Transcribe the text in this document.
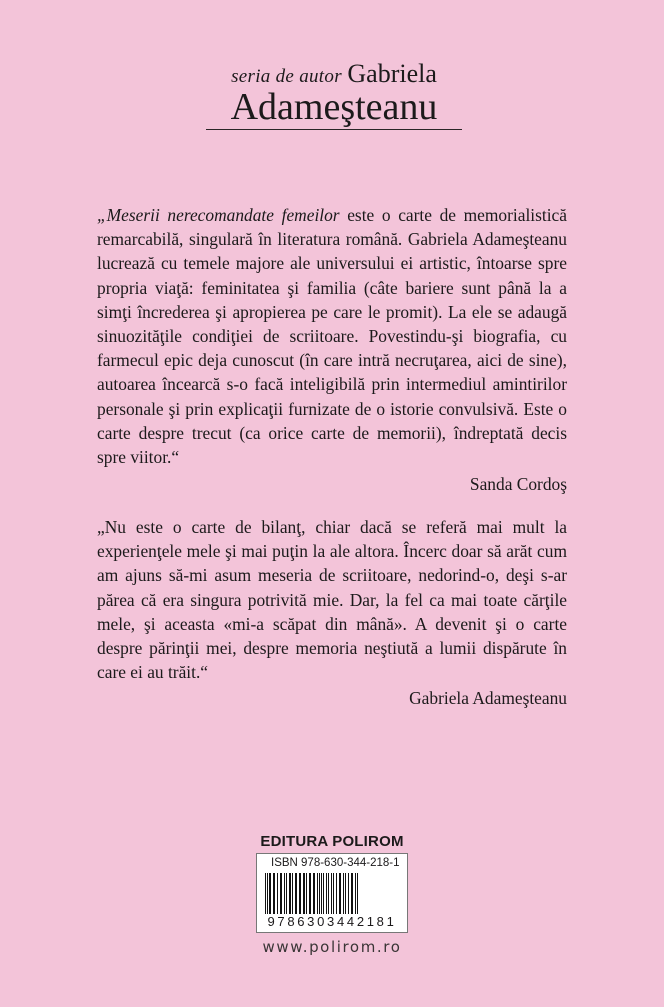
seria de autor Gabriela
Adameşteanu

„Meserii nerecomandate femeilor este o carte de memorialistică remarcabilă, singulară în literatura română. Gabriela Adameşteanu lucrează cu temele majore ale universului ei artistic, întoarse spre propria viaţă: feminitatea şi familia (câte bariere sunt până la a simţi încrederea şi apropierea pe care le promit). La ele se adaugă sinuozităţile condiţiei de scriitoare. Povestindu-şi biografia, cu farmecul epic deja cunoscut (în care intră necruţarea, aici de sine), autoarea încearcă s-o facă inteligibilă prin intermediul amintirilor personale şi prin explicaţii furnizate de o istorie convulsivă. Este o carte despre trecut (ca orice carte de memorii), îndreptată decis spre viitor.“

Sanda Cordoş

„Nu este o carte de bilanţ, chiar dacă se referă mai mult la experienţele mele şi mai puţin la ale altora. Încerc doar să arăt cum am ajuns să-mi asum meseria de scriitoare, nedorind-o, deşi s-ar părea că era singura potrivită mie. Dar, la fel ca mai toate cărţile mele, şi aceasta «mi-a scăpat din mână». A devenit şi o carte despre părinţii mei, despre memoria neştiută a lumii dispărute în care ei au trăit.“

Gabriela Adameşteanu
EDITURA POLIROM
ISBN 978-630-344-218-1
9786303442181
www.polirom.ro
